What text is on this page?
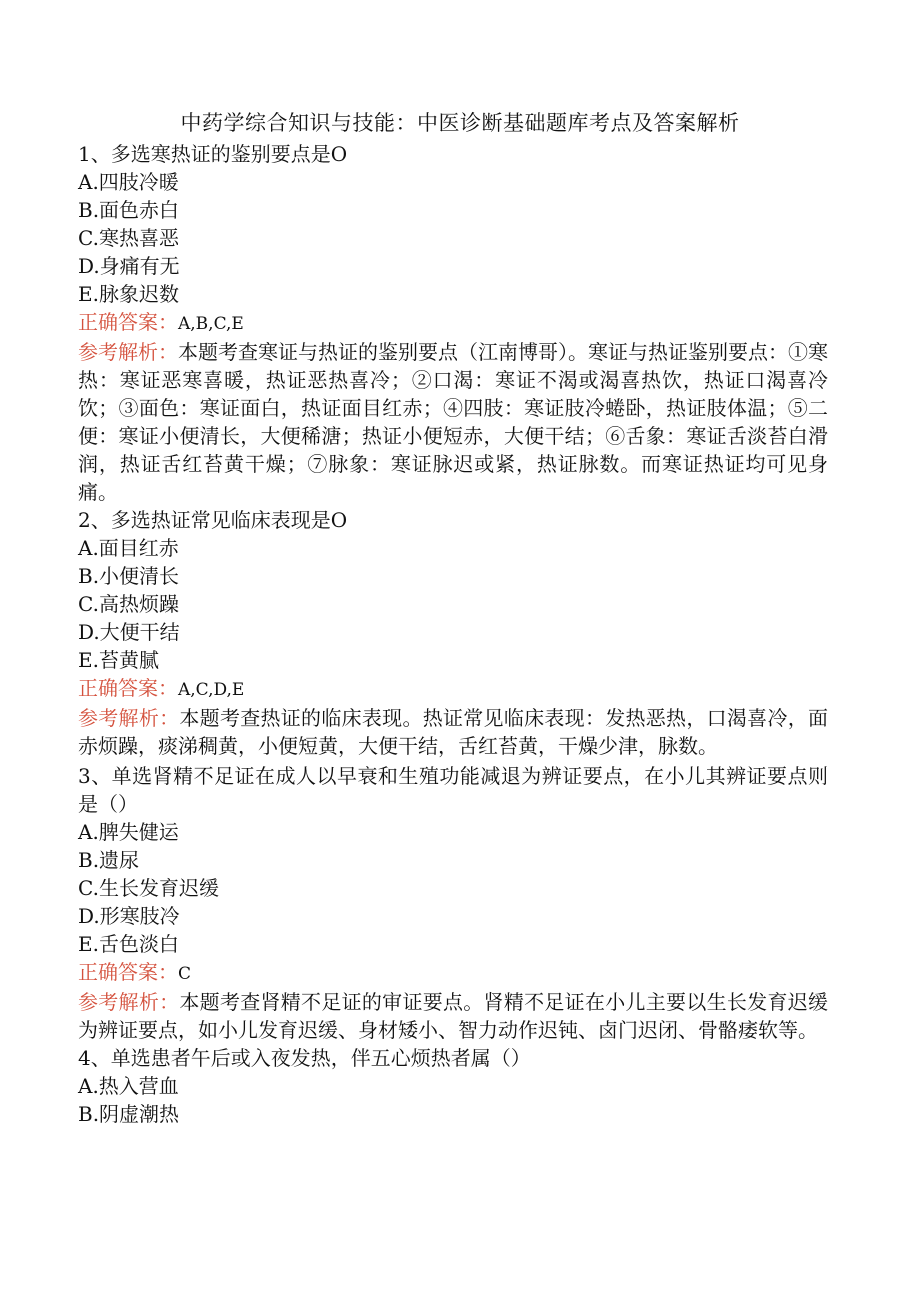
中药学综合知识与技能：中医诊断基础题库考点及答案解析
1、多选寒热证的鉴别要点是O
A.四肢冷暖
B.面色赤白
C.寒热喜恶
D.身痛有无
E.脉象迟数
正确答案：A,B,C,E
参考解析：本题考查寒证与热证的鉴别要点（江南博哥）。寒证与热证鉴别要点：①寒热：寒证恶寒喜暖，热证恶热喜冷；②口渴：寒证不渴或渴喜热饮，热证口渴喜冷饮；③面色：寒证面白，热证面目红赤；④四肢：寒证肢冷蜷卧，热证肢体温；⑤二便：寒证小便清长，大便稀溏；热证小便短赤，大便干结；⑥舌象：寒证舌淡苔白滑润，热证舌红苔黄干燥；⑦脉象：寒证脉迟或紧，热证脉数。而寒证热证均可见身痛。
2、多选热证常见临床表现是O
A.面目红赤
B.小便清长
C.高热烦躁
D.大便干结
E.苔黄腻
正确答案：A,C,D,E
参考解析：本题考查热证的临床表现。热证常见临床表现：发热恶热，口渴喜冷，面赤烦躁，痰涕稠黄，小便短黄，大便干结，舌红苔黄，干燥少津，脉数。
3、单选肾精不足证在成人以早衰和生殖功能减退为辨证要点，在小儿其辨证要点则是（）
A.脾失健运
B.遗尿
C.生长发育迟缓
D.形寒肢冷
E.舌色淡白
正确答案：C
参考解析：本题考查肾精不足证的审证要点。肾精不足证在小儿主要以生长发育迟缓为辨证要点，如小儿发育迟缓、身材矮小、智力动作迟钝、卤门迟闭、骨骼痿软等。
4、单选患者午后或入夜发热，伴五心烦热者属（）
A.热入营血
B.阴虚潮热
